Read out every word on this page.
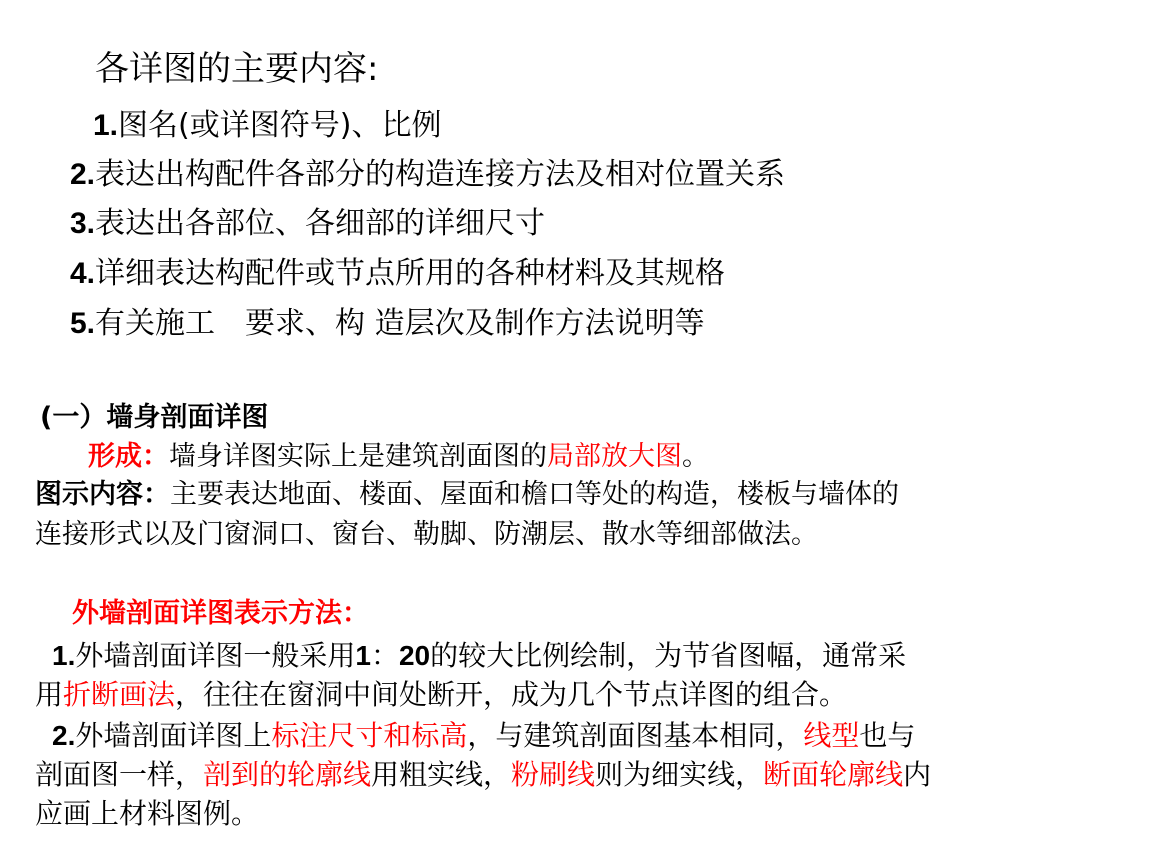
各详图的主要内容:
1.图名(或详图符号)、比例
2.表达出构配件各部分的构造连接方法及相对位置关系
3.表达出各部位、各细部的详细尺寸
4.详细表达构配件或节点所用的各种材料及其规格
5.有关施工　要求、构 造层次及制作方法说明等
(一）墙身剖面详图
形成：墙身详图实际上是建筑剖面图的局部放大图。
图示内容：主要表达地面、楼面、屋面和檐口等处的构造，楼板与墙体的
连接形式以及门窗洞口、窗台、勒脚、防潮层、散水等细部做法。
外墙剖面详图表示方法：
1.外墙剖面详图一般采用1：20的较大比例绘制，为节省图幅，通常采
用折断画法，往往在窗洞中间处断开，成为几个节点详图的组合。
2.外墙剖面详图上标注尺寸和标高，与建筑剖面图基本相同，线型也与
剖面图一样，剖到的轮廓线用粗实线，粉刷线则为细实线，断面轮廓线内
应画上材料图例。
